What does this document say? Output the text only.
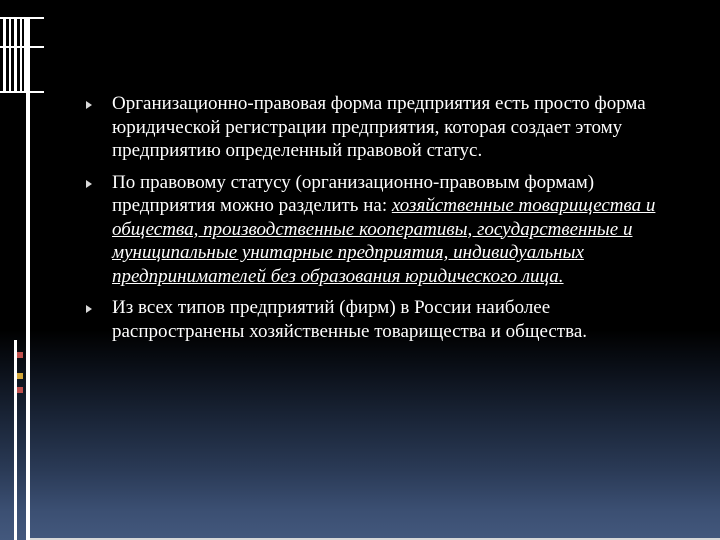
Организационно-правовая форма предприятия есть просто форма юридической регистрации предприятия, которая создает этому предприятию определенный правовой статус.
По правовому статусу (организационно-правовым формам) предприятия можно разделить на: хозяйственные товарищества и общества, производственные кооперативы, государственные и муниципальные унитарные предприятия, индивидуальных предпринимателей без образования юридического лица.
Из всех типов предприятий (фирм) в России наиболее распространены хозяйственные товарищества и общества.
